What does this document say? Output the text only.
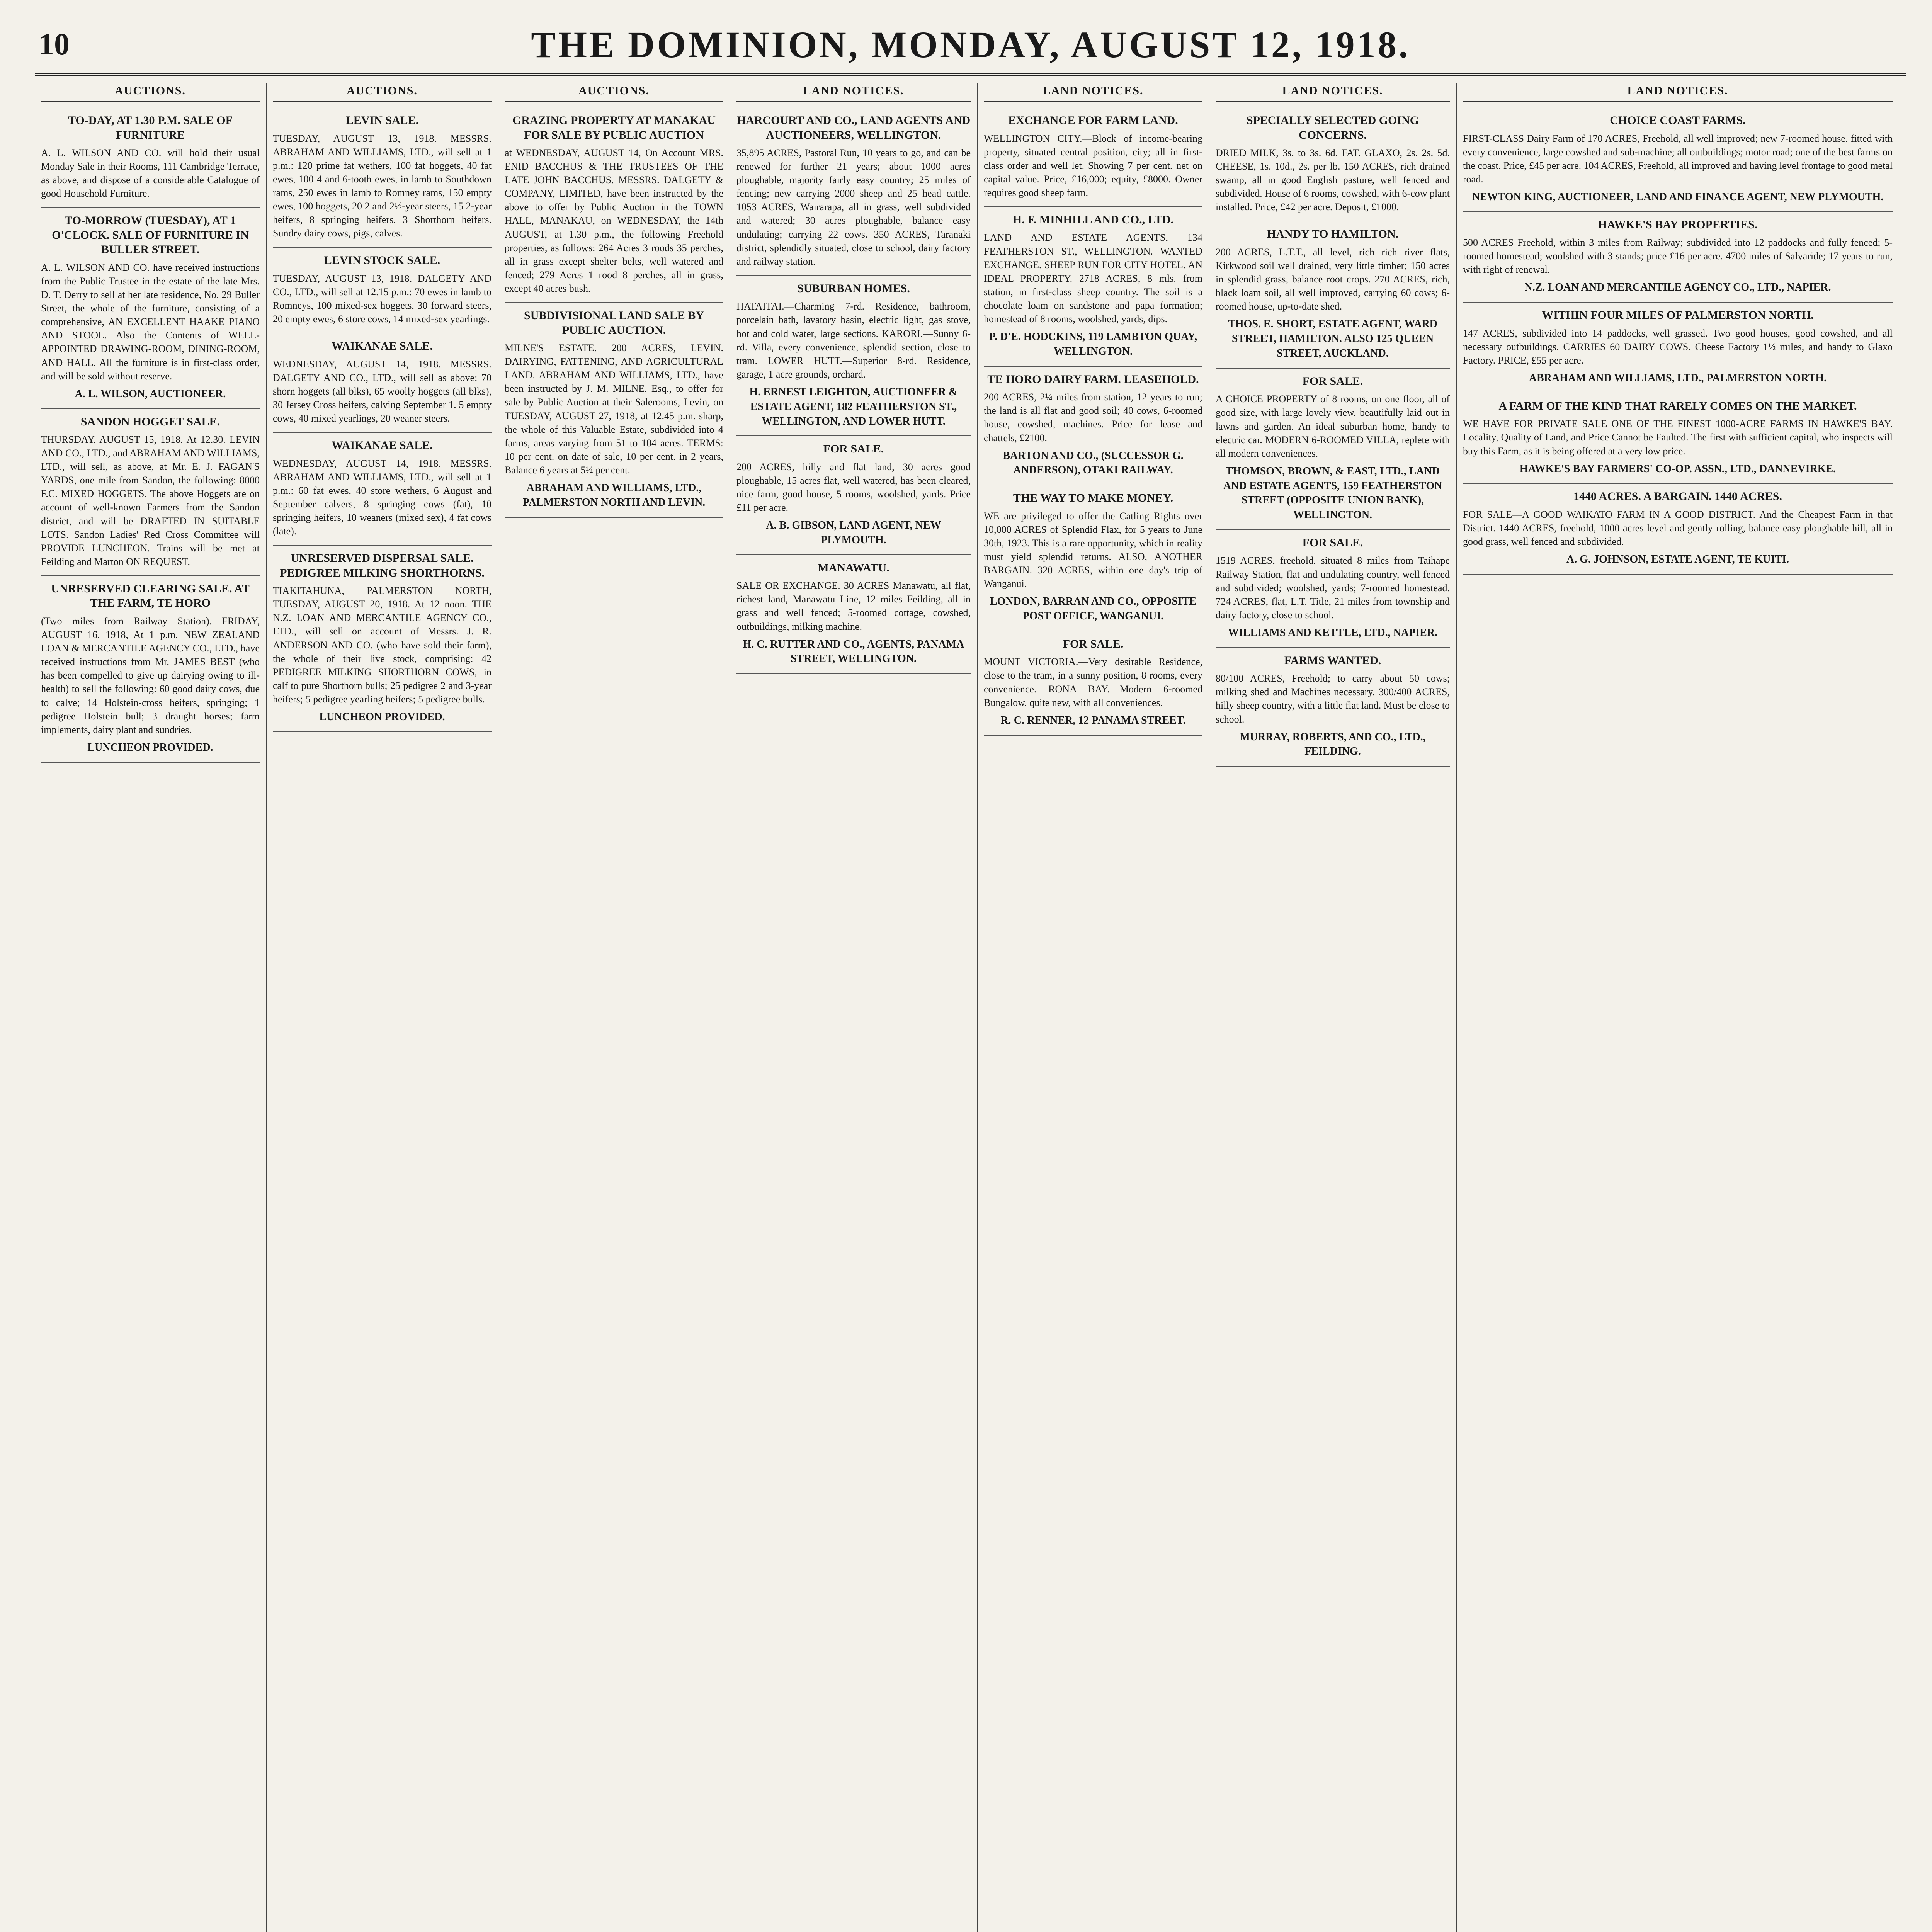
10	THE DOMINION, MONDAY, AUGUST 12, 1918.
AUCTIONS.
TO-DAY, AT 1.30 P.M. SALE OF FURNITURE

A. L. WILSON AND CO. will hold their usual Monday Sale in their Rooms, 111 Cambridge Terrace, as above, and dispose of a considerable Catalogue of good Household Furniture.

TO-MORROW (TUESDAY), AT 1 O'CLOCK. SALE OF FURNITURE IN BULLER STREET.

A. L. WILSON AND CO. have received instructions from the Public Trustee in the estate of the late Mrs. D. T. Derry to sell at her late residence, No. 29 Buller Street, the whole of the furniture, consisting of a comprehensive, AN EXCELLENT HAAKE PIANO AND STOOL. Also the Contents of WELL-APPOINTED DRAWING-ROOM, DINING-ROOM, AND HALL. All the furniture is in first-class order, and will be sold without reserve.

A. L. WILSON, AUCTIONEER.
SANDON HOGGET SALE.

THURSDAY, AUGUST 15, 1918, At 12.30. LEVIN AND CO., LTD., and ABRAHAM AND WILLIAMS, LTD., will sell, as above, at Mr. E. J. FAGAN'S YARDS, one mile from Sandon, the following: 8000 F.C. MIXED HOGGETS. The above Hoggets are on account of well-known Farmers from the Sandon district, and will be DRAFTED IN SUITABLE LOTS. Sandon Ladies' Red Cross Committee will PROVIDE LUNCHEON. Trains will be met at Feilding and Marton ON REQUEST.

UNRESERVED CLEARING SALE. AT THE FARM, TE HORO

(Two miles from Railway Station). FRIDAY, AUGUST 16, 1918, At 1 p.m. NEW ZEALAND LOAN & MERCANTILE AGENCY CO., LTD., have received instructions from Mr. JAMES BEST (who has been compelled to give up dairying owing to ill-health) to sell the following: 60 good dairy cows, due to calve; 14 Holstein-cross heifers, springing; 1 pedigree Holstein bull; 3 draught horses; farm implements, dairy plant and sundries.

LUNCHEON PROVIDED.
AUCTIONS.
LEVIN SALE.

TUESDAY, AUGUST 13, 1918. MESSRS. ABRAHAM AND WILLIAMS, LTD., will sell at 1 p.m.: 120 prime fat wethers, 100 fat hoggets, 40 fat ewes, 100 4 and 6-tooth ewes, in lamb to Southdown rams, 250 ewes in lamb to Romney rams, 150 empty ewes, 100 hoggets, 20 2 and 2½-year steers, 15 2-year heifers, 8 springing heifers, 3 Shorthorn heifers. Sundry dairy cows, pigs, calves.

LEVIN STOCK SALE.

TUESDAY, AUGUST 13, 1918. DALGETY AND CO., LTD., will sell at 12.15 p.m.: 70 ewes in lamb to Romneys, 100 mixed-sex hoggets, 30 forward steers, 20 empty ewes, 6 store cows, 14 mixed-sex yearlings.

WAIKANAE SALE.

WEDNESDAY, AUGUST 14, 1918. MESSRS. DALGETY AND CO., LTD., will sell as above: 70 shorn hoggets (all blks), 65 woolly hoggets (all blks), 30 Jersey Cross heifers, calving September 1. 5 empty cows, 40 mixed yearlings, 20 weaner steers.

WAIKANAE SALE.

WEDNESDAY, AUGUST 14, 1918. MESSRS. ABRAHAM AND WILLIAMS, LTD., will sell at 1 p.m.: 60 fat ewes, 40 store wethers, 6 August and September calvers, 8 springing cows (fat), 10 springing heifers, 10 weaners (mixed sex), 4 fat cows (late).

UNRESERVED DISPERSAL SALE. PEDIGREE MILKING SHORTHORNS.

TIAKITAHUNA, PALMERSTON NORTH, TUESDAY, AUGUST 20, 1918. At 12 noon. THE N.Z. LOAN AND MERCANTILE AGENCY CO., LTD., will sell on account of Messrs. J. R. ANDERSON AND CO. (who have sold their farm), the whole of their live stock, comprising: 42 PEDIGREE MILKING SHORTHORN COWS, in calf to pure Shorthorn bulls; 25 pedigree 2 and 3-year heifers; 5 pedigree yearling heifers; 5 pedigree bulls.

LUNCHEON PROVIDED.
AUCTIONS.
GRAZING PROPERTY AT MANAKAU FOR SALE BY PUBLIC AUCTION

at WEDNESDAY, AUGUST 14, On Account MRS. ENID BACCHUS & THE TRUSTEES OF THE LATE JOHN BACCHUS. MESSRS. DALGETY & COMPANY, LIMITED, have been instructed by the above to offer by Public Auction in the TOWN HALL, MANAKAU, on WEDNESDAY, the 14th AUGUST, at 1.30 p.m., the following Freehold properties, as follows: 264 Acres 3 roods 35 perches, all in grass except shelter belts, well watered and fenced; 279 Acres 1 rood 8 perches, all in grass, except 40 acres bush.

SUBDIVISIONAL LAND SALE BY PUBLIC AUCTION.

MILNE'S ESTATE. 200 ACRES, LEVIN. DAIRYING, FATTENING, AND AGRICULTURAL LAND. ABRAHAM AND WILLIAMS, LTD., have been instructed by J. M. MILNE, Esq., to offer for sale by Public Auction at their Salerooms, Levin, on TUESDAY, AUGUST 27, 1918, at 12.45 p.m. sharp, the whole of this Valuable Estate, subdivided into 4 farms, areas varying from 51 to 104 acres. TERMS: 10 per cent. on date of sale, 10 per cent. in 2 years, Balance 6 years at 5¼ per cent.

ABRAHAM AND WILLIAMS, LTD., PALMERSTON NORTH AND LEVIN.
LAND NOTICES.
HARCOURT AND CO., LAND AGENTS AND AUCTIONEERS, WELLINGTON.

35,895 ACRES, Pastoral Run, 10 years to go, and can be renewed for further 21 years; about 1000 acres ploughable, majority fairly easy country; 25 miles of fencing; new carrying 2000 sheep and 25 head cattle. 1053 ACRES, Wairarapa, all in grass, well subdivided and watered; 30 acres ploughable, balance easy undulating; carrying 22 cows. 350 ACRES, Taranaki district, splendidly situated, close to school, dairy factory and railway station.

SUBURBAN HOMES.

HATAITAI.—Charming 7-rd. Residence, bathroom, porcelain bath, lavatory basin, electric light, gas stove, hot and cold water, large sections. KARORI.—Sunny 6-rd. Villa, every convenience, splendid section, close to tram. LOWER HUTT.—Superior 8-rd. Residence, garage, 1 acre grounds, orchard.

H. ERNEST LEIGHTON, AUCTIONEER & ESTATE AGENT, 182 FEATHERSTON ST., WELLINGTON, AND LOWER HUTT.
FOR SALE.

200 ACRES, hilly and flat land, 30 acres good ploughable, 15 acres flat, well watered, has been cleared, nice farm, good house, 5 rooms, woolshed, yards. Price £11 per acre.

A. B. GIBSON, LAND AGENT, NEW PLYMOUTH.
MANAWATU.

SALE OR EXCHANGE. 30 ACRES Manawatu, all flat, richest land, Manawatu Line, 12 miles Feilding, all in grass and well fenced; 5-roomed cottage, cowshed, outbuildings, milking machine.

H. C. RUTTER AND CO., AGENTS, PANAMA STREET, WELLINGTON.
LAND NOTICES.
EXCHANGE FOR FARM LAND.

WELLINGTON CITY.—Block of income-bearing property, situated central position, city; all in first-class order and well let. Showing 7 per cent. net on capital value. Price, £16,000; equity, £8000. Owner requires good sheep farm.

H. F. MINHILL AND CO., LTD.

LAND AND ESTATE AGENTS, 134 FEATHERSTON ST., WELLINGTON. WANTED EXCHANGE. SHEEP RUN FOR CITY HOTEL. AN IDEAL PROPERTY. 2718 ACRES, 8 mls. from station, in first-class sheep country. The soil is a chocolate loam on sandstone and papa formation; homestead of 8 rooms, woolshed, yards, dips.

P. D'E. HODCKINS, 119 LAMBTON QUAY, WELLINGTON.
TE HORO DAIRY FARM. LEASEHOLD.

200 ACRES, 2¼ miles from station, 12 years to run; the land is all flat and good soil; 40 cows, 6-roomed house, cowshed, machines. Price for lease and chattels, £2100.

BARTON AND CO., (SUCCESSOR G. ANDERSON), OTAKI RAILWAY.
THE WAY TO MAKE MONEY.

WE are privileged to offer the Catling Rights over 10,000 ACRES of Splendid Flax, for 5 years to June 30th, 1923. This is a rare opportunity, which in reality must yield splendid returns. ALSO, ANOTHER BARGAIN. 320 ACRES, within one day's trip of Wanganui.

LONDON, BARRAN AND CO., OPPOSITE POST OFFICE, WANGANUI.
FOR SALE.

MOUNT VICTORIA.—Very desirable Residence, close to the tram, in a sunny position, 8 rooms, every convenience. RONA BAY.—Modern 6-roomed Bungalow, quite new, with all conveniences.

R. C. RENNER, 12 PANAMA STREET.
LAND NOTICES.
SPECIALLY SELECTED GOING CONCERNS.

DRIED MILK, 3s. to 3s. 6d. FAT. GLAXO, 2s. 2s. 5d. CHEESE, 1s. 10d., 2s. per lb. 150 ACRES, rich drained swamp, all in good English pasture, well fenced and subdivided. House of 6 rooms, cowshed, with 6-cow plant installed. Price, £42 per acre. Deposit, £1000.

HANDY TO HAMILTON.

200 ACRES, L.T.T., all level, rich rich river flats, Kirkwood soil well drained, very little timber; 150 acres in splendid grass, balance root crops. 270 ACRES, rich, black loam soil, all well improved, carrying 60 cows; 6-roomed house, up-to-date shed.

THOS. E. SHORT, ESTATE AGENT, WARD STREET, HAMILTON. ALSO 125 QUEEN STREET, AUCKLAND.
FOR SALE.

A CHOICE PROPERTY of 8 rooms, on one floor, all of good size, with large lovely view, beautifully laid out in lawns and garden. An ideal suburban home, handy to electric car. MODERN 6-ROOMED VILLA, replete with all modern conveniences.

THOMSON, BROWN, & EAST, LTD., LAND AND ESTATE AGENTS, 159 FEATHERSTON STREET (OPPOSITE UNION BANK), WELLINGTON.
FOR SALE.

1519 ACRES, freehold, situated 8 miles from Taihape Railway Station, flat and undulating country, well fenced and subdivided; woolshed, yards; 7-roomed homestead. 724 ACRES, flat, L.T. Title, 21 miles from township and dairy factory, close to school.

WILLIAMS AND KETTLE, LTD., NAPIER.
FARMS WANTED.

80/100 ACRES, Freehold; to carry about 50 cows; milking shed and Machines necessary. 300/400 ACRES, hilly sheep country, with a little flat land. Must be close to school.

MURRAY, ROBERTS, AND CO., LTD., FEILDING.
LAND NOTICES.
CHOICE COAST FARMS.

FIRST-CLASS Dairy Farm of 170 ACRES, Freehold, all well improved; new 7-roomed house, fitted with every convenience, large cowshed and sub-machine; all outbuildings; motor road; one of the best farms on the coast. Price, £45 per acre. 104 ACRES, Freehold, all improved and having level frontage to good metal road.

NEWTON KING, AUCTIONEER, LAND AND FINANCE AGENT, NEW PLYMOUTH.
HAWKE'S BAY PROPERTIES.

500 ACRES Freehold, within 3 miles from Railway; subdivided into 12 paddocks and fully fenced; 5-roomed homestead; woolshed with 3 stands; price £16 per acre. 4700 miles of Salvaride; 17 years to run, with right of renewal.

N.Z. LOAN AND MERCANTILE AGENCY CO., LTD., NAPIER.
WITHIN FOUR MILES OF PALMERSTON NORTH.

147 ACRES, subdivided into 14 paddocks, well grassed. Two good houses, good cowshed, and all necessary outbuildings. CARRIES 60 DAIRY COWS. Cheese Factory 1½ miles, and handy to Glaxo Factory. PRICE, £55 per acre.

ABRAHAM AND WILLIAMS, LTD., PALMERSTON NORTH.
A FARM OF THE KIND THAT RARELY COMES ON THE MARKET.

WE HAVE FOR PRIVATE SALE ONE OF THE FINEST 1000-ACRE FARMS IN HAWKE'S BAY. Locality, Quality of Land, and Price Cannot be Faulted. The first with sufficient capital, who inspects will buy this Farm, as it is being offered at a very low price.

HAWKE'S BAY FARMERS' CO-OP. ASSN., LTD., DANNEVIRKE.
1440 ACRES. A BARGAIN. 1440 ACRES.

FOR SALE—A GOOD WAIKATO FARM IN A GOOD DISTRICT. And the Cheapest Farm in that District. 1440 ACRES, freehold, 1000 acres level and gently rolling, balance easy ploughable hill, all in good grass, well fenced and subdivided.

A. G. JOHNSON, ESTATE AGENT, TE KUITI.
